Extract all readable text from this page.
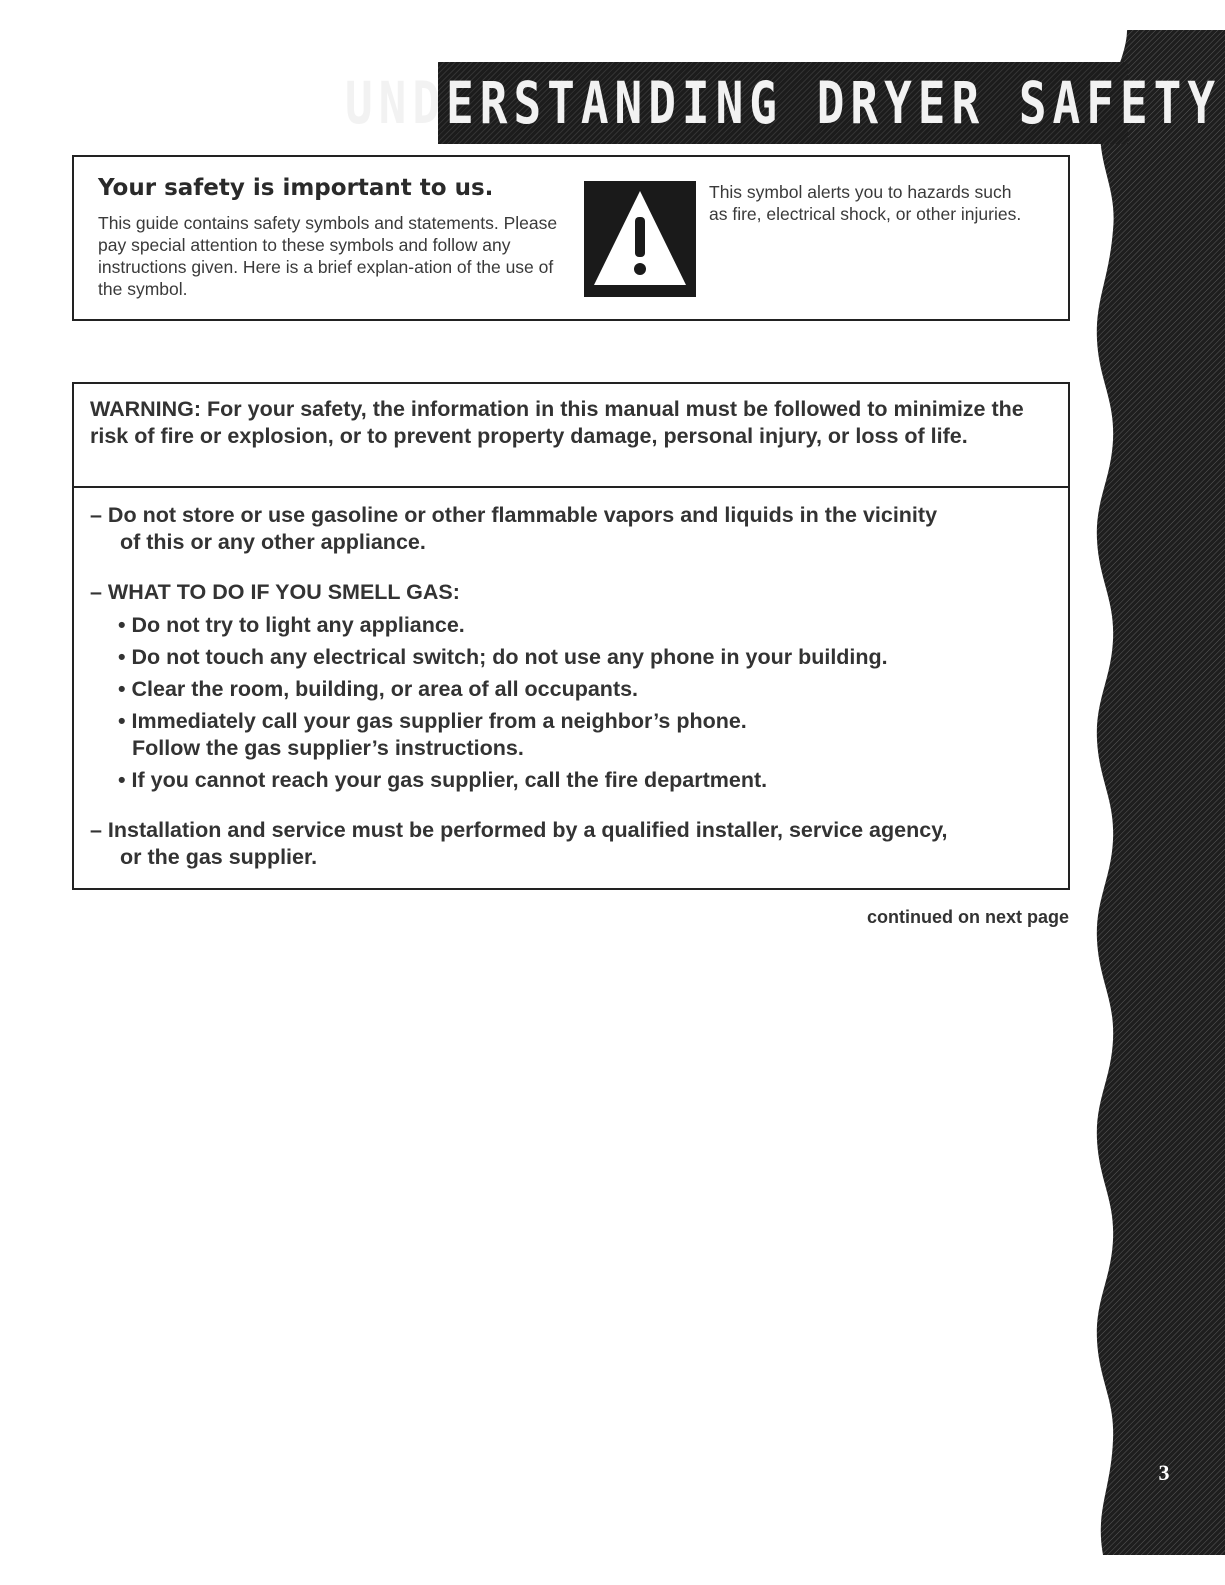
UNDERSTANDING DRYER SAFETY
Your safety is important to us.

This guide contains safety symbols and statements. Please pay special attention to these symbols and follow any instructions given. Here is a brief explan-ation of the use of the symbol.

This symbol alerts you to hazards such as fire, electrical shock, or other injuries.

WARNING: For your safety, the information in this manual must be followed to minimize the risk of fire or explosion, or to prevent property damage, personal injury, or loss of life.

– Do not store or use gasoline or other flammable vapors and liquids in the vicinity

of this or any other appliance.

– WHAT TO DO IF YOU SMELL GAS:

• Do not try to light any appliance.

• Do not touch any electrical switch; do not use any phone in your building.

• Clear the room, building, or area of all occupants.

• Immediately call your gas supplier from a neighbor’s phone.

Follow the gas supplier’s instructions.

• If you cannot reach your gas supplier, call the fire department.

– Installation and service must be performed by a qualified installer, service agency,

or the gas supplier.

continued on next page

3
